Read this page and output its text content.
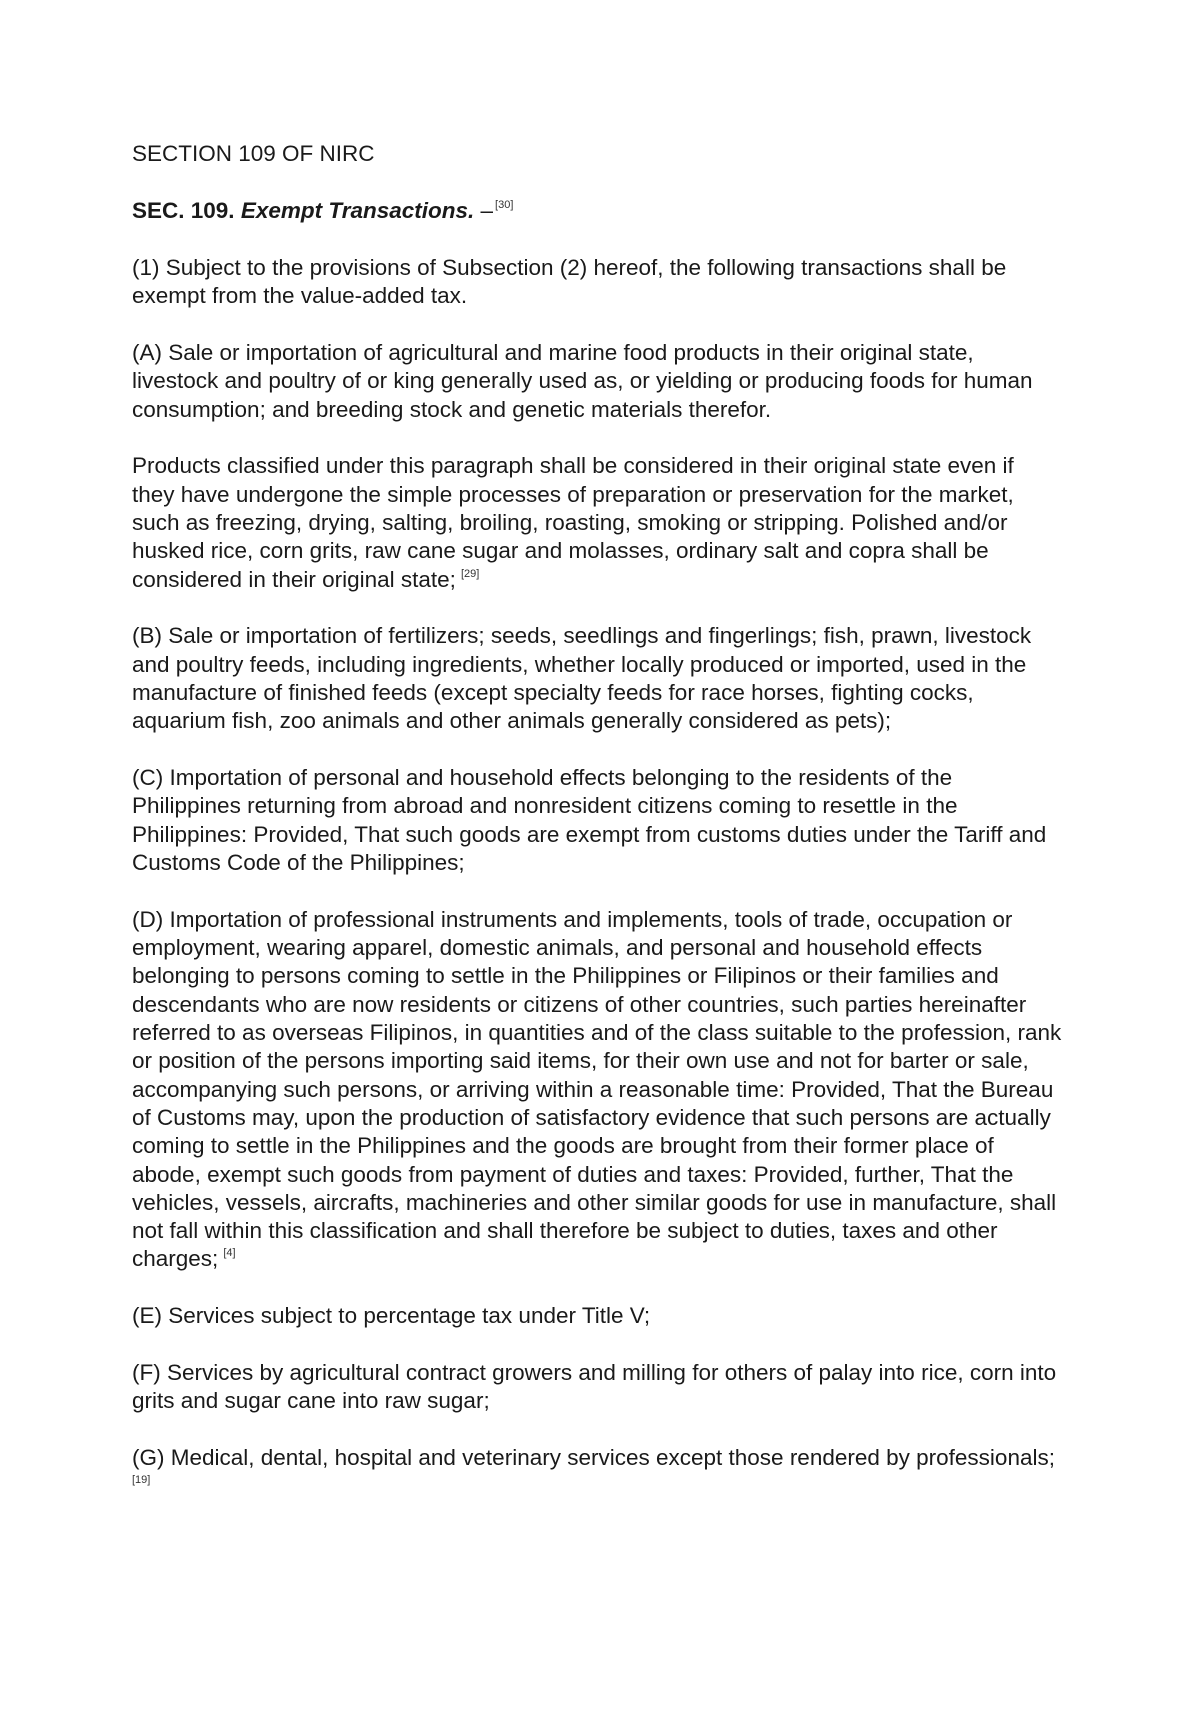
SECTION 109 OF NIRC

SEC. 109. Exempt Transactions. – [30]

(1) Subject to the provisions of Subsection (2) hereof, the following transactions shall be exempt from the value-added tax.

(A) Sale or importation of agricultural and marine food products in their original state, livestock and poultry of or king generally used as, or yielding or producing foods for human consumption; and breeding stock and genetic materials therefor.

Products classified under this paragraph shall be considered in their original state even if they have undergone the simple processes of preparation or preservation for the market, such as freezing, drying, salting, broiling, roasting, smoking or stripping. Polished and/or husked rice, corn grits, raw cane sugar and molasses, ordinary salt and copra shall be considered in their original state; [29]

(B) Sale or importation of fertilizers; seeds, seedlings and fingerlings; fish, prawn, livestock and poultry feeds, including ingredients, whether locally produced or imported, used in the manufacture of finished feeds (except specialty feeds for race horses, fighting cocks, aquarium fish, zoo animals and other animals generally considered as pets);

(C) Importation of personal and household effects belonging to the residents of the Philippines returning from abroad and nonresident citizens coming to resettle in the Philippines: Provided, That such goods are exempt from customs duties under the Tariff and Customs Code of the Philippines;

(D) Importation of professional instruments and implements, tools of trade, occupation or employment, wearing apparel, domestic animals, and personal and household effects belonging to persons coming to settle in the Philippines or Filipinos or their families and descendants who are now residents or citizens of other countries, such parties hereinafter referred to as overseas Filipinos, in quantities and of the class suitable to the profession, rank or position of the persons importing said items, for their own use and not for barter or sale, accompanying such persons, or arriving within a reasonable time: Provided, That the Bureau of Customs may, upon the production of satisfactory evidence that such persons are actually coming to settle in the Philippines and the goods are brought from their former place of abode, exempt such goods from payment of duties and taxes: Provided, further, That the vehicles, vessels, aircrafts, machineries and other similar goods for use in manufacture, shall not fall within this classification and shall therefore be subject to duties, taxes and other charges; [4]

(E) Services subject to percentage tax under Title V;

(F) Services by agricultural contract growers and milling for others of palay into rice, corn into grits and sugar cane into raw sugar;

(G) Medical, dental, hospital and veterinary services except those rendered by professionals; [19]
